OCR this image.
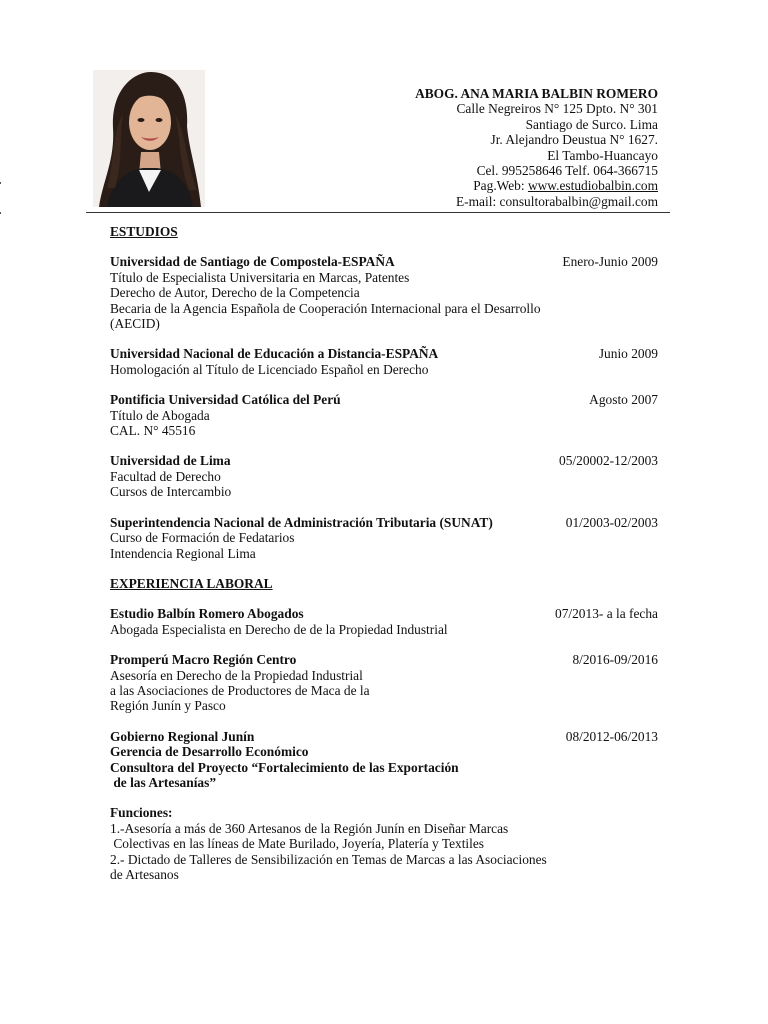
ABOG. ANA MARIA BALBIN ROMERO
Calle Negreiros N° 125 Dpto. N° 301
Santiago de Surco. Lima
Jr. Alejandro Deustua N° 1627.
El Tambo-Huancayo
Cel. 995258646 Telf. 064-366715
Pag.Web: www.estudiobalbin.com
E-mail: consultorabalbin@gmail.com
ESTUDIOS
Universidad de Santiago de Compostela-ESPAÑA	Enero-Junio 2009
Título de Especialista Universitaria en Marcas, Patentes
Derecho de Autor, Derecho de la Competencia
Becaria de la Agencia Española de Cooperación Internacional para el Desarrollo
(AECID)
Universidad Nacional de Educación a Distancia-ESPAÑA	Junio 2009
Homologación al Título de Licenciado Español en Derecho
Pontificia Universidad Católica del Perú	Agosto 2007
Título de Abogada
CAL. N° 45516
Universidad de Lima	05/20002-12/2003
Facultad de Derecho
Cursos de Intercambio
Superintendencia Nacional de Administración Tributaria (SUNAT)	01/2003-02/2003
Curso de Formación de Fedatarios
Intendencia Regional Lima
EXPERIENCIA LABORAL
Estudio Balbín Romero Abogados	07/2013- a la fecha
Abogada Especialista en Derecho de de la Propiedad Industrial
Promperú Macro Región Centro	8/2016-09/2016
Asesoría en Derecho de la Propiedad Industrial
a las Asociaciones de Productores de Maca de la
Región Junín y Pasco
Gobierno Regional Junín	08/2012-06/2013
Gerencia de Desarrollo Económico
Consultora del Proyecto “Fortalecimiento de las Exportación
de las Artesanías”
Funciones:
1.-Asesoría a más de 360 Artesanos de la Región Junín en Diseñar Marcas
Colectivas en las líneas de Mate Burilado, Joyería, Platería y Textiles
2.- Dictado de Talleres de Sensibilización en Temas de Marcas a las Asociaciones
de Artesanos
